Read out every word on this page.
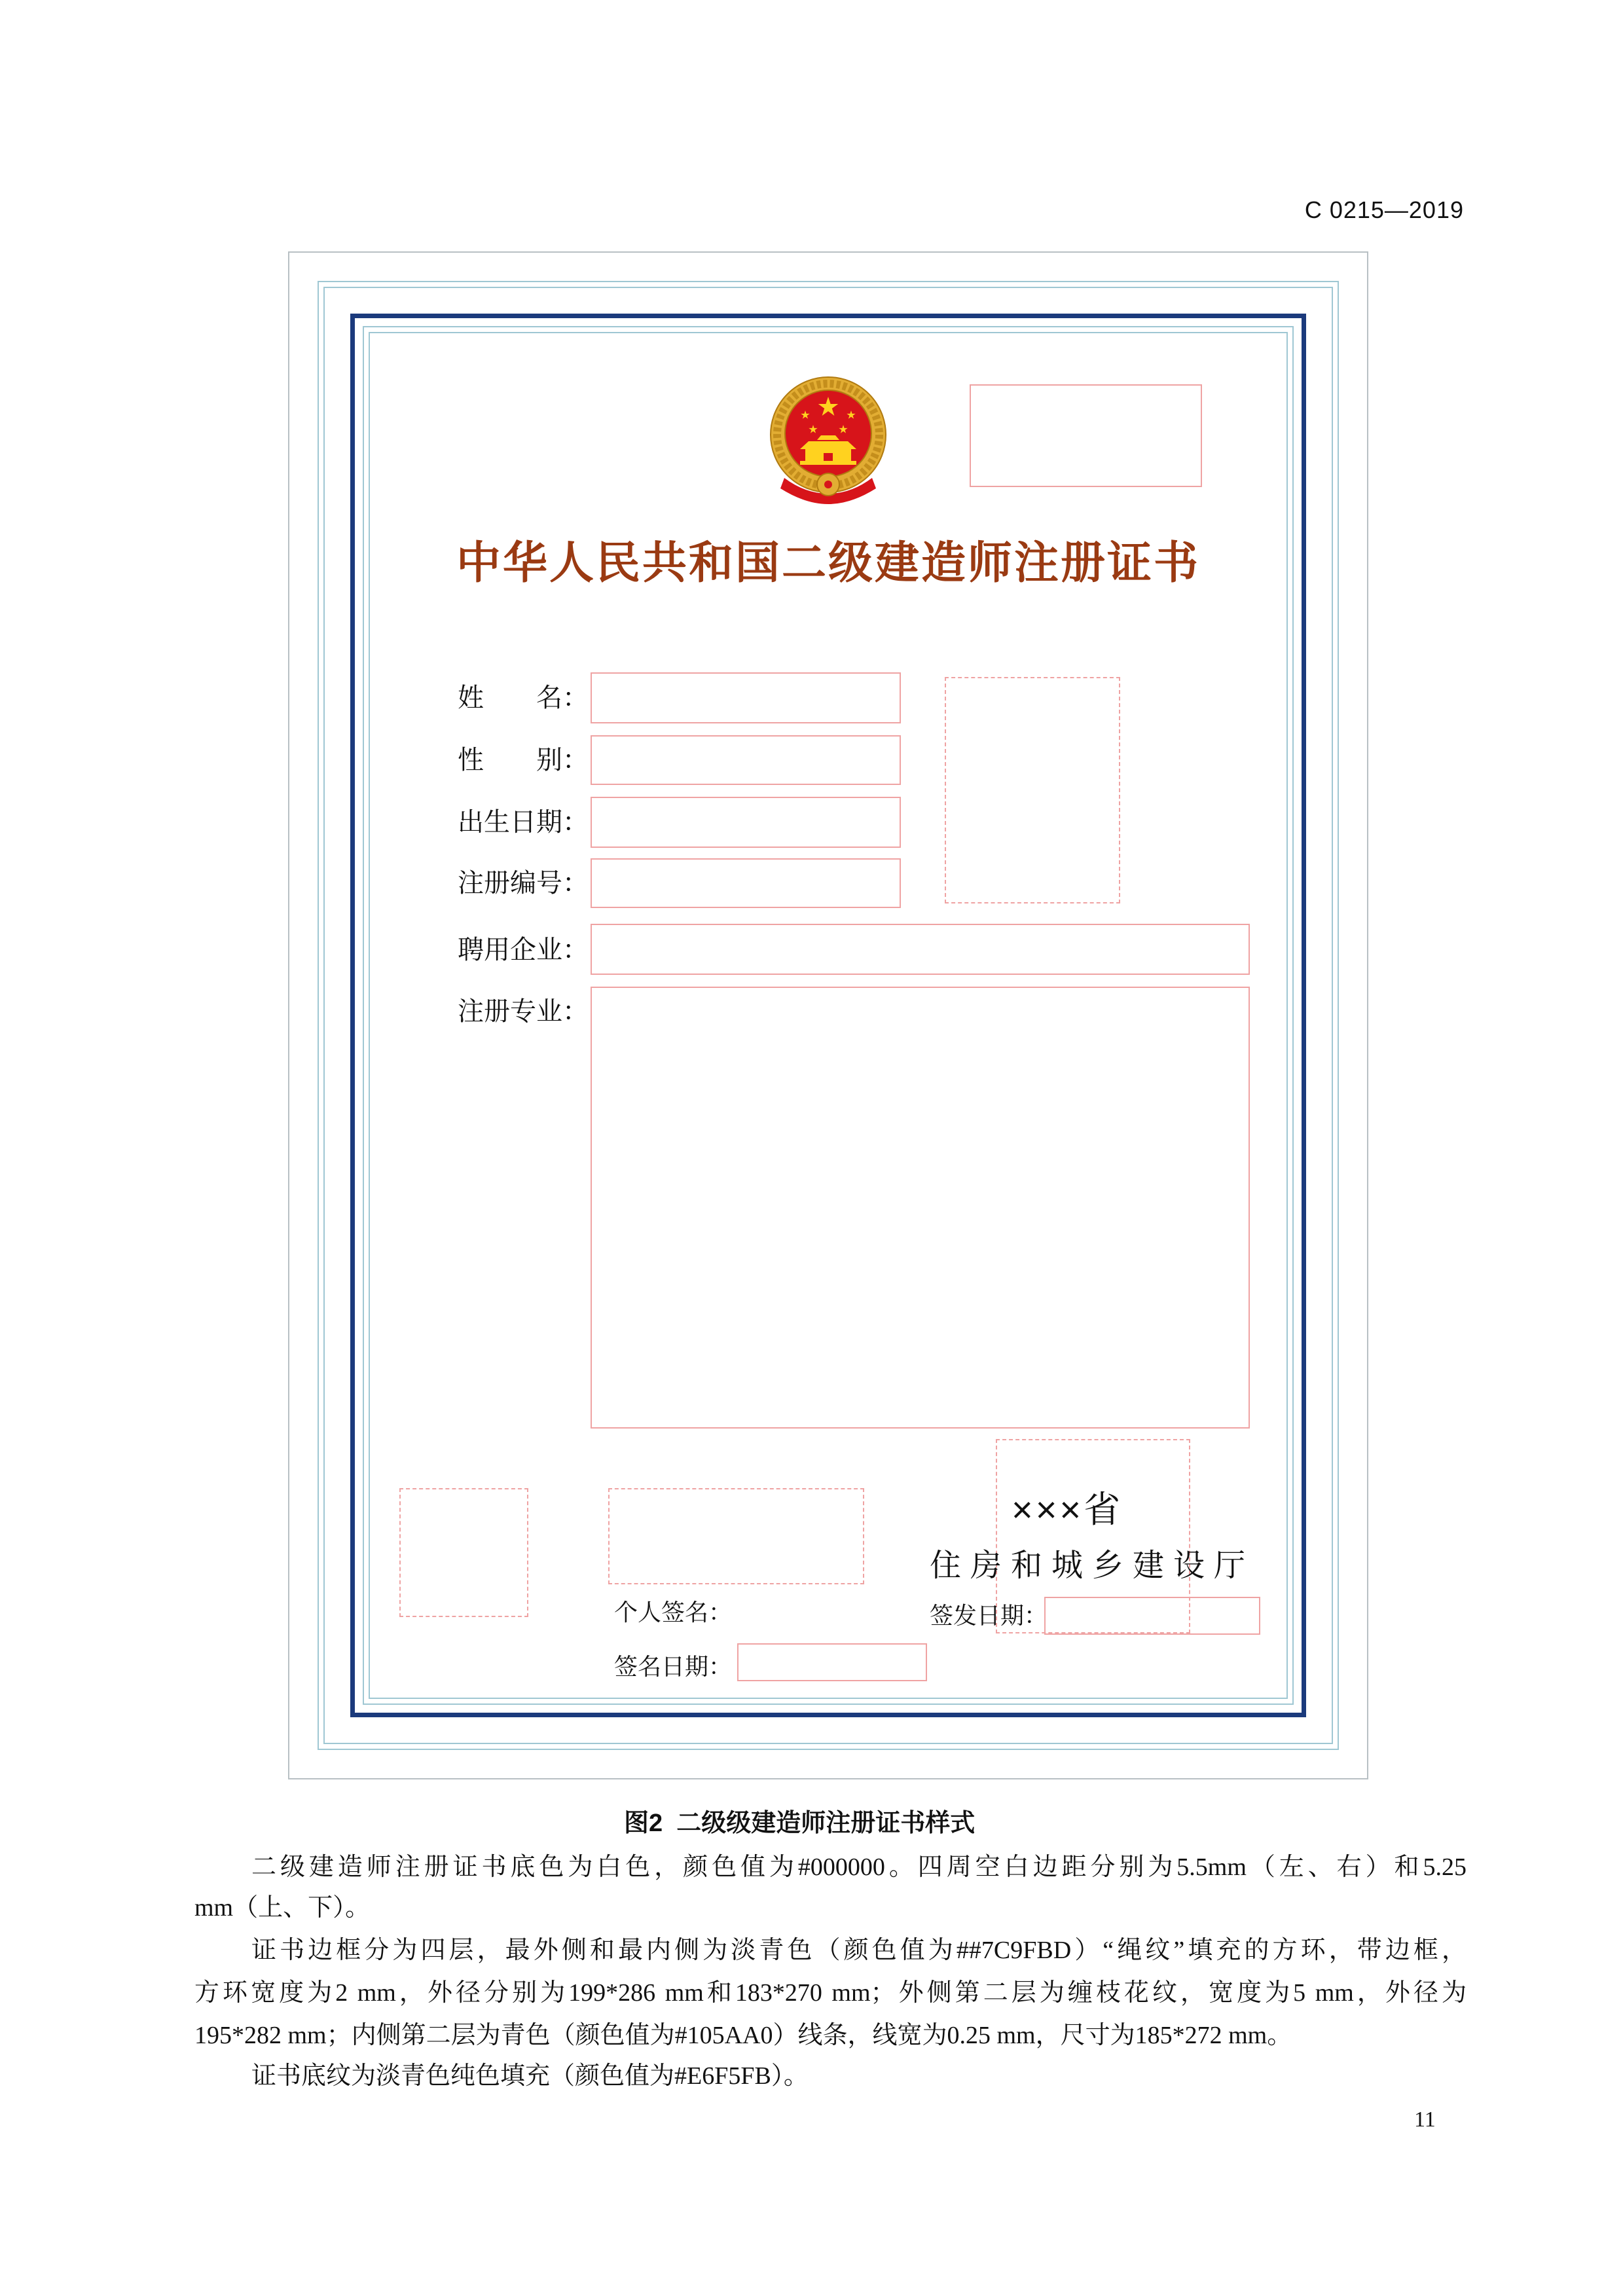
C 0215—2019
中华人民共和国二级建造师注册证书
姓　　名：
性　　别：
出生日期：
注册编号：
聘用企业：
注册专业：
个人签名：
签名日期：
×××省
住房和城乡建设厅
签发日期：
图2  二级级建造师注册证书样式
二级建造师注册证书底色为白色，颜色值为#000000。四周空白边距分别为5.5mm（左、右）和5.25
mm（上、下）。
证书边框分为四层，最外侧和最内侧为淡青色（颜色值为##7C9FBD）“绳纹”填充的方环，带边框，
方环宽度为2 mm，外径分别为199*286 mm和183*270 mm；外侧第二层为缠枝花纹，宽度为5 mm，外径为
195*282 mm；内侧第二层为青色（颜色值为#105AA0）线条，线宽为0.25 mm，尺寸为185*272 mm。
证书底纹为淡青色纯色填充（颜色值为#E6F5FB）。
11
